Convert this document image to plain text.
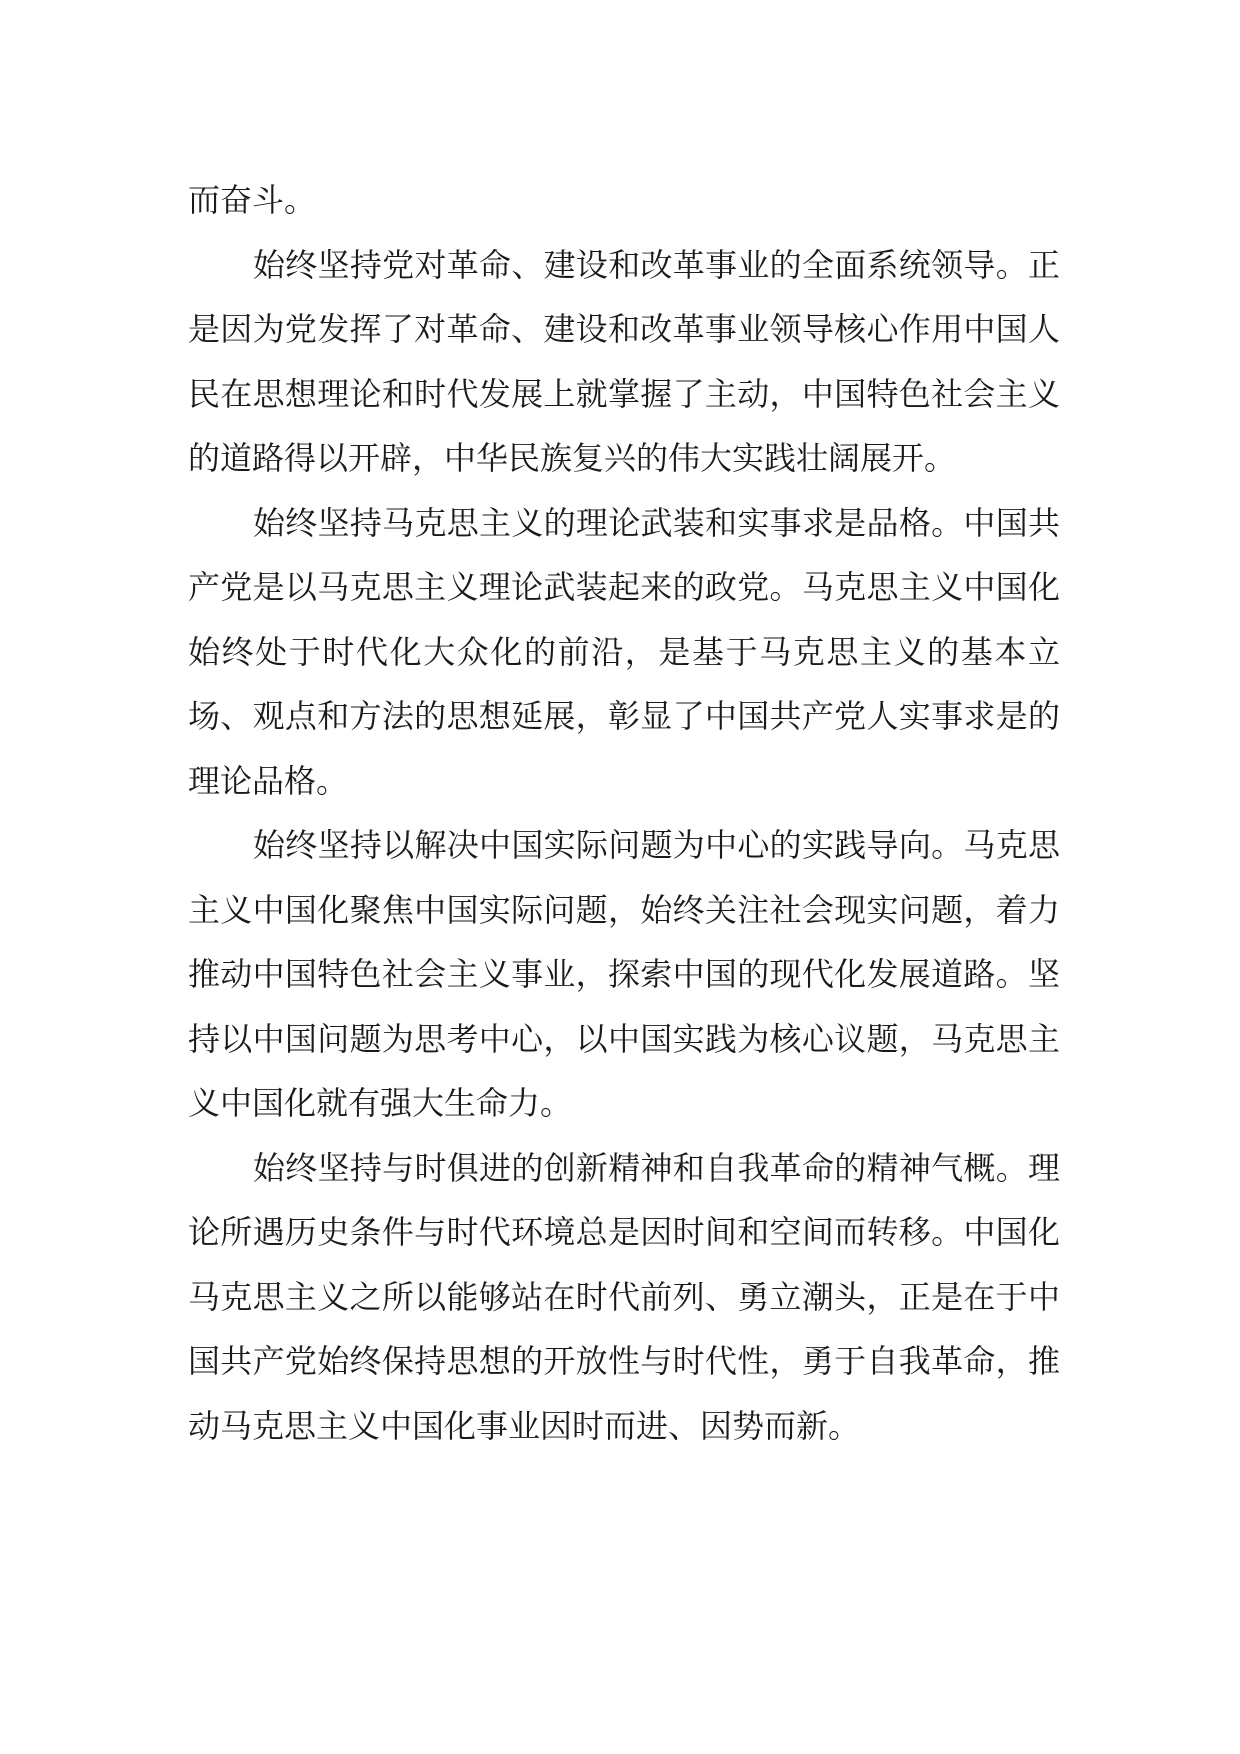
而奋斗。

始终坚持党对革命、建设和改革事业的全面系统领导。正是因为党发挥了对革命、建设和改革事业领导核心作用中国人民在思想理论和时代发展上就掌握了主动，中国特色社会主义的道路得以开辟，中华民族复兴的伟大实践壮阔展开。

始终坚持马克思主义的理论武装和实事求是品格。中国共产党是以马克思主义理论武装起来的政党。马克思主义中国化始终处于时代化大众化的前沿，是基于马克思主义的基本立场、观点和方法的思想延展，彰显了中国共产党人实事求是的理论品格。

始终坚持以解决中国实际问题为中心的实践导向。马克思主义中国化聚焦中国实际问题，始终关注社会现实问题，着力推动中国特色社会主义事业，探索中国的现代化发展道路。坚持以中国问题为思考中心，以中国实践为核心议题，马克思主义中国化就有强大生命力。

始终坚持与时俱进的创新精神和自我革命的精神气概。理论所遇历史条件与时代环境总是因时间和空间而转移。中国化马克思主义之所以能够站在时代前列、勇立潮头，正是在于中国共产党始终保持思想的开放性与时代性，勇于自我革命，推动马克思主义中国化事业因时而进、因势而新。
